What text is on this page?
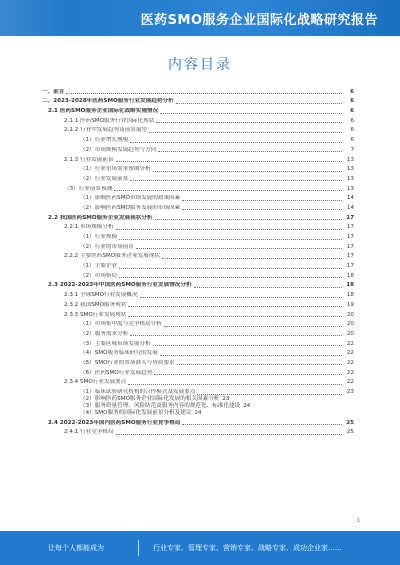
医药SMO服务企业国际化战略研究报告
内容目录
一、前言	6
二、2023-2028年医药SMO服务行业发展趋势分析	6
2.1 医药SMO服务企业国际化战略实施情况	6
2.1.1 医药SMO服务行业国际化现状	6
2.1.2 行业中发展趋势及前景展望	6
（1）行业增长规模	6
（2）市场规模发展趋势与方向	7
2.1.3 行业发展前景	13
（1）行业市场需求预期分析	13
（2）行业发展前景	13
（3）行业前景预测	13
（1）影响医药SMO市场发展的政策因素	14
（2）影响医药SMO服务发展的市场因素	14
2.2 我国医药SMO服务企业发展现状分析	17
2.2.1 市场规模分析	17
（1）行业规模	17
（2）行业的市场前景	17
2.2.2 主要医药SMO服务企业发展现状	17
（1）主要企业	17
（2）市场格局	18
2.3 2022-2023年中国医药SMO服务行业发展情况分析	18
2.3.1 全球SMO行业发展概况	18
2.3.2 我国SMO服务现状	19
2.3.3 SMO行业发展现状	20
（1）市场集中度与竞争格局分析	20
（2）服务需求分析	20
（3）主要区域市场发展分析	22
（4）SMO服务临床研究的发展	22
（5）SMO行业的市场准入与资质要求	22
（6）医药SMO行业发展趋势	22
2.3.4 SMO行业发展要点	22
（1）临床试验研究机构的合作模式及发展要点	23
（2）影响医药SMO服务企业国际化发展的相关因素分析 23
（3）服务质量管理、风险防范及服务内容的规范化、标准化建设 24
（4）SMO服务的国际化发展前景分析及建议 24
2.4 2022-2023年国内医药SMO服务行业竞争格局	25
2.4.1 行业竞争格局	25
1
让每个人都能成为	行业专家、管理专家、营销专家、战略专家、成功企业家……
